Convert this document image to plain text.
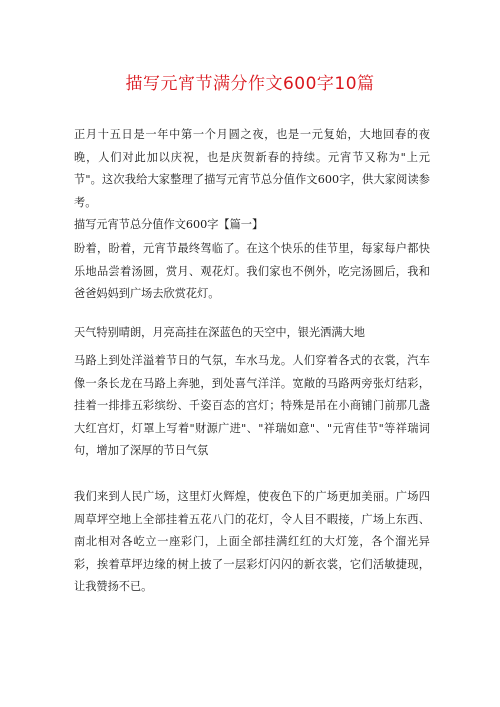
描写元宵节满分作文600字10篇

正月十五日是一年中第一个月圆之夜，也是一元复始，大地回春的夜晚，人们对此加以庆祝，也是庆贺新春的持续。元宵节又称为"上元节"。这次我给大家整理了描写元宵节总分值作文600字，供大家阅读参考。

描写元宵节总分值作文600字【篇一】

盼着，盼着，元宵节最终驾临了。在这个快乐的佳节里，每家每户都快乐地品尝着汤圆，赏月、观花灯。我们家也不例外，吃完汤圆后，我和爸爸妈妈到广场去欣赏花灯。

天气特别晴朗，月亮高挂在深蓝色的天空中，银光洒满大地

马路上到处洋溢着节日的气氛，车水马龙。人们穿着各式的衣裳，汽车像一条长龙在马路上奔驰，到处喜气洋洋。宽敞的马路两旁张灯结彩，挂着一排排五彩缤纷、千姿百态的宫灯；特殊是吊在小商铺门前那几盏大红宫灯，灯罩上写着"财源广进"、"祥瑞如意"、"元宵佳节"等祥瑞词句，增加了深厚的节日气氛

我们来到人民广场，这里灯火辉煌，使夜色下的广场更加美丽。广场四周草坪空地上全部挂着五花八门的花灯，令人目不暇接，广场上东西、南北相对各屹立一座彩门，上面全部挂满红红的大灯笼，各个溜光异彩，挨着草坪边缘的树上披了一层彩灯闪闪的新衣裳，它们活敏捷现，让我赞扬不已。
